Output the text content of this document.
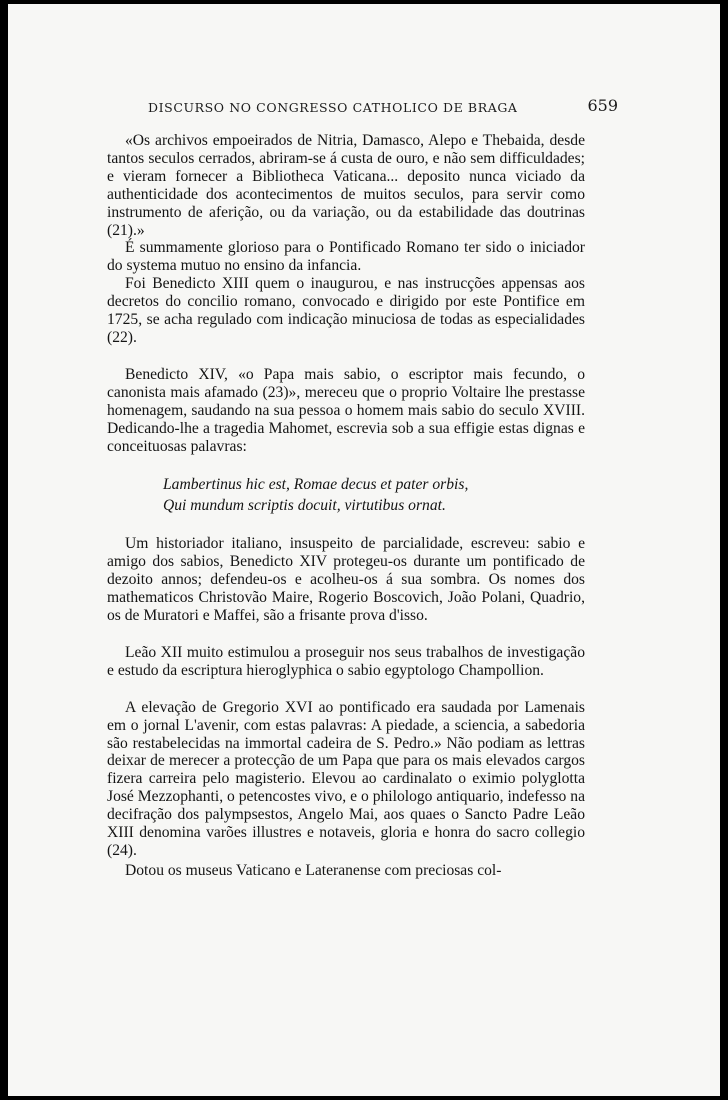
DISCURSO NO CONGRESSO CATHOLICO DE BRAGA	659

«Os archivos empoeirados de Nitria, Damasco, Alepo e Thebaida, desde tantos seculos cerrados, abriram-se á custa de ouro, e não sem difficuldades; e vieram fornecer a Bibliotheca Vaticana... deposito nunca viciado da authenticidade dos acontecimentos de muitos seculos, para servir como instrumento de aferição, ou da variação, ou da estabilidade das doutrinas (21).»

É summamente glorioso para o Pontificado Romano ter sido o iniciador do systema mutuo no ensino da infancia.

Foi Benedicto XIII quem o inaugurou, e nas instrucções appensas aos decretos do concilio romano, convocado e dirigido por este Pontifice em 1725, se acha regulado com indicação minuciosa de todas as especialidades (22).

Benedicto XIV, «o Papa mais sabio, o escriptor mais fecundo, o canonista mais afamado (23)», mereceu que o proprio Voltaire lhe prestasse homenagem, saudando na sua pessoa o homem mais sabio do seculo XVIII. Dedicando-lhe a tragedia Mahomet, escrevia sob a sua effigie estas dignas e conceituosas palavras:

Lambertinus hic est, Romae decus et pater orbis,
Qui mundum scriptis docuit, virtutibus ornat.

Um historiador italiano, insuspeito de parcialidade, escreveu: sabio e amigo dos sabios, Benedicto XIV protegeu-os durante um pontificado de dezoito annos; defendeu-os e acolheu-os á sua sombra. Os nomes dos mathematicos Christovão Maire, Rogerio Boscovich, João Polani, Quadrio, os de Muratori e Maffei, são a frisante prova d'isso.

Leão XII muito estimulou a proseguir nos seus trabalhos de investigação e estudo da escriptura hieroglyphica o sabio egyptologo Champollion.

A elevação de Gregorio XVI ao pontificado era saudada por Lamenais em o jornal L'avenir, com estas palavras: A piedade, a sciencia, a sabedoria são restabelecidas na immortal cadeira de S. Pedro.» Não podiam as lettras deixar de merecer a protecção de um Papa que para os mais elevados cargos fizera carreira pelo magisterio. Elevou ao cardinalato o eximio polyglotta José Mezzophanti, o petencostes vivo, e o philologo antiquario, indefesso na decifração dos palympsestos, Angelo Mai, aos quaes o Sancto Padre Leão XIII denomina varões illustres e notaveis, gloria e honra do sacro collegio (24).

Dotou os museus Vaticano e Lateranense com preciosas col-
